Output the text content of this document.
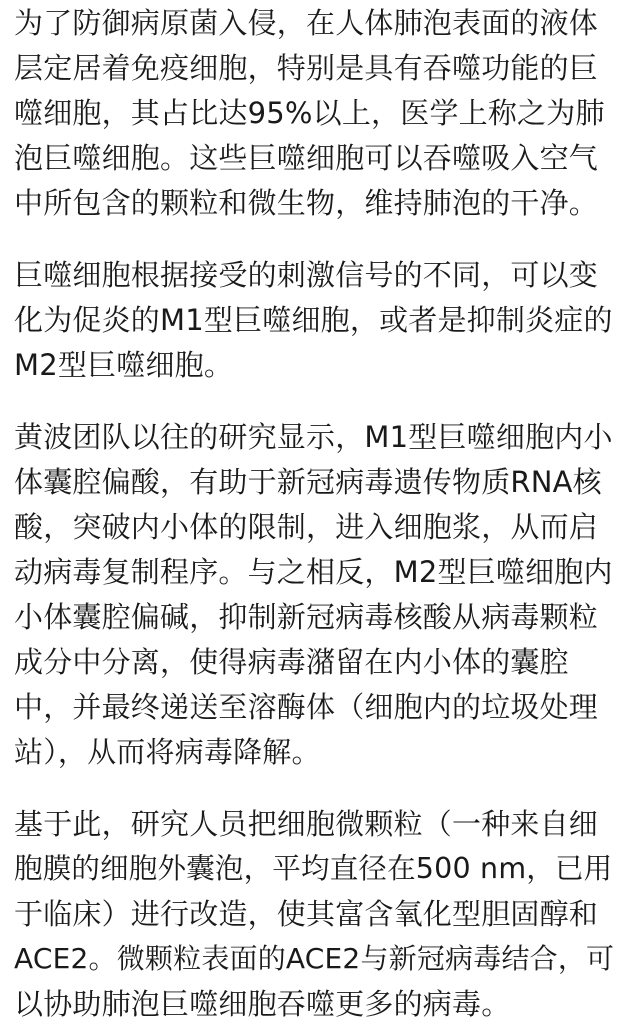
为了防御病原菌入侵，在人体肺泡表面的液体
层定居着免疫细胞，特别是具有吞噬功能的巨
噬细胞，其占比达95%以上，医学上称之为肺
泡巨噬细胞。这些巨噬细胞可以吞噬吸入空气
中所包含的颗粒和微生物，维持肺泡的干净。
巨噬细胞根据接受的刺激信号的不同，可以变
化为促炎的M1型巨噬细胞，或者是抑制炎症的
M2型巨噬细胞。
黄波团队以往的研究显示，M1型巨噬细胞内小
体囊腔偏酸，有助于新冠病毒遗传物质RNA核
酸，突破内小体的限制，进入细胞浆，从而启
动病毒复制程序。与之相反，M2型巨噬细胞内
小体囊腔偏碱，抑制新冠病毒核酸从病毒颗粒
成分中分离，使得病毒潴留在内小体的囊腔
中，并最终递送至溶酶体（细胞内的垃圾处理
站），从而将病毒降解。
基于此，研究人员把细胞微颗粒（一种来自细
胞膜的细胞外囊泡，平均直径在500 nm，已用
于临床）进行改造，使其富含氧化型胆固醇和
ACE2。微颗粒表面的ACE2与新冠病毒结合，可
以协助肺泡巨噬细胞吞噬更多的病毒。
